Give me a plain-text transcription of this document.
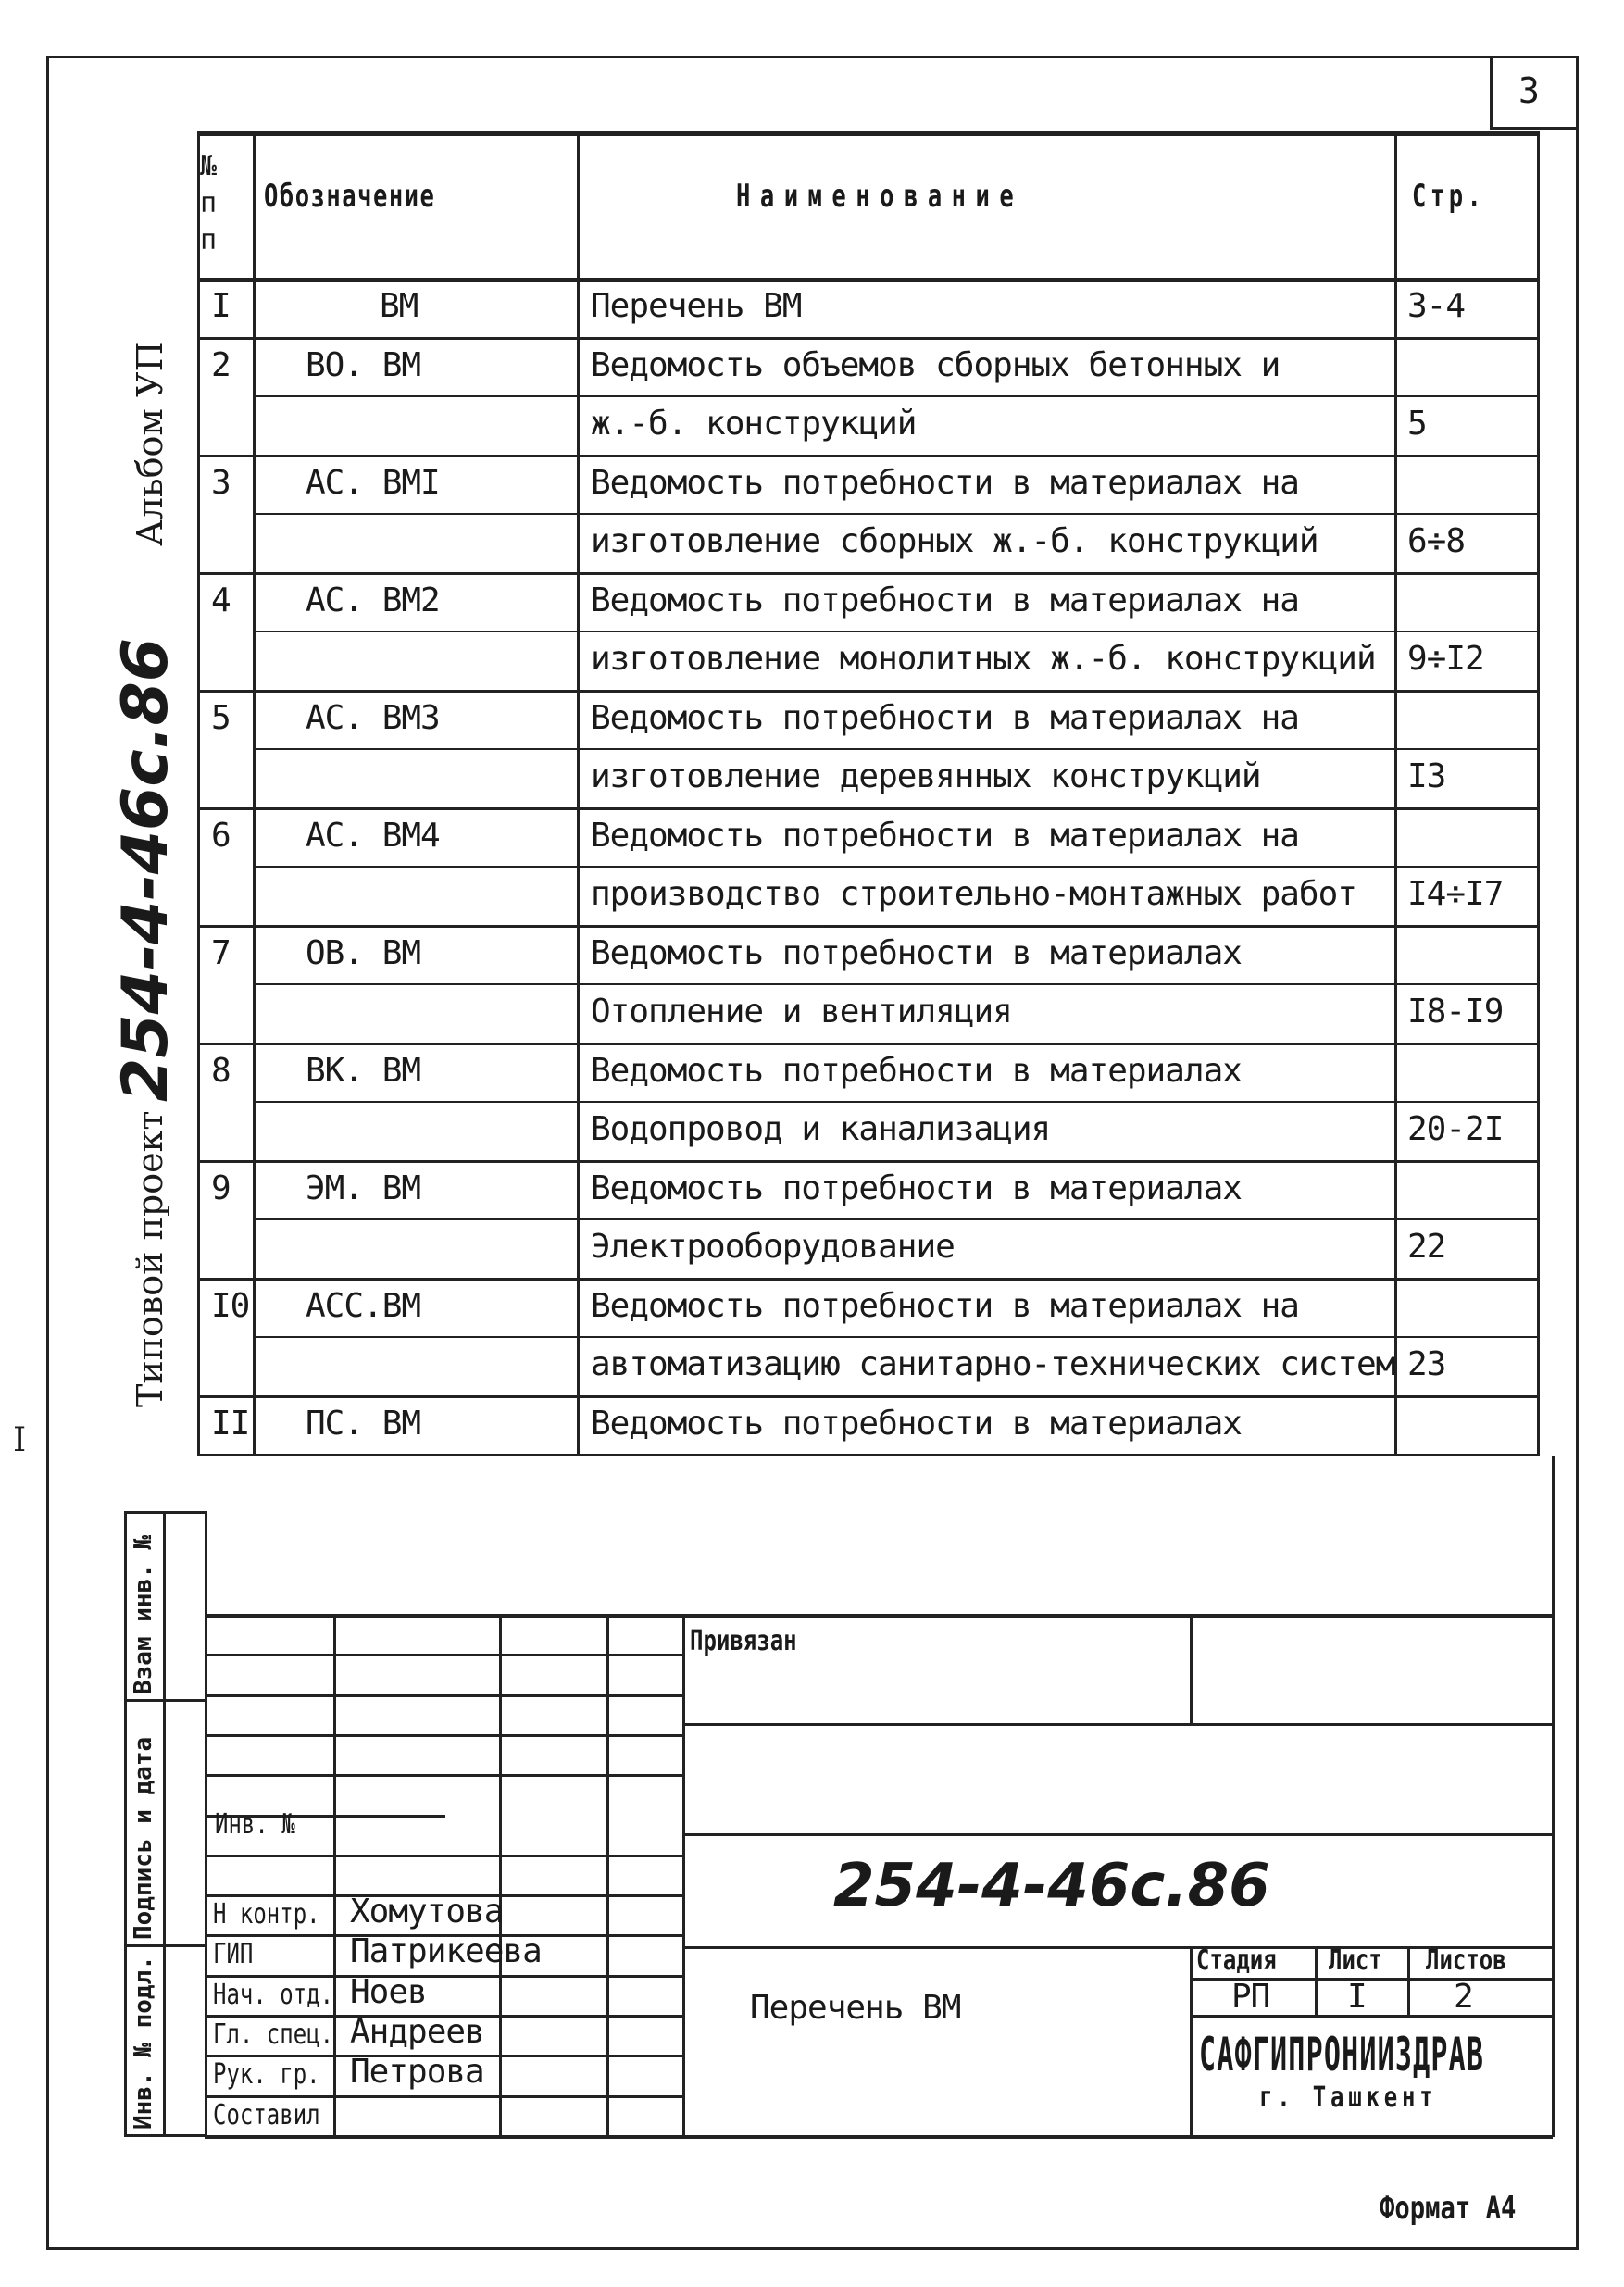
3
Альбом УП
254-4-46с.86
Типовой проект
I
Взам инв. №
Подпись и дата
Инв. № подл.
№ п п
Обозначение	Наименование	Стр.
I	ВМ	Перечень ВМ	3-4
2 ВО. ВМ	Ведомость объемов сборных бетонных и
ж.-б. конструкций	5
3 АС. ВМI	Ведомость потребности в материалах на
изготовление сборных ж.-б. конструкций	6÷8
4 АС. ВМ2	Ведомость потребности в материалах на
изготовление монолитных ж.-б. конструкций 9÷I2
5 АС. ВМ3	Ведомость потребности в материалах на
изготовление деревянных конструкций	I3
6 АС. ВМ4	Ведомость потребности в материалах на
производство строительно-монтажных работ I4÷I7
7 ОВ. ВМ	Ведомость потребности в материалах
Отопление и вентиляция	I8-I9
8 ВК. ВМ	Ведомость потребности в материалах
Водопровод и канализация	20-2I
9 ЭМ. ВМ	Ведомость потребности в материалах
Электрооборудование	22
I0 АСС.ВМ	Ведомость потребности в материалах на
автоматизацию санитарно-технических систем 23
II ПС. ВМ	Ведомость потребности в материалах
Привязан
Инв. №
254-4-46с.86
Н контр. Хомутова
ГИП	Патрикеева
Нач. отд. Ноев
Гл. спец. Андреев
Рук. гр. Петрова
Составил
Перечень ВМ
Стадия Лист Листов
РП I	2
САФГИПРОНИИЗДРАВ
г. Ташкент
Формат А4
